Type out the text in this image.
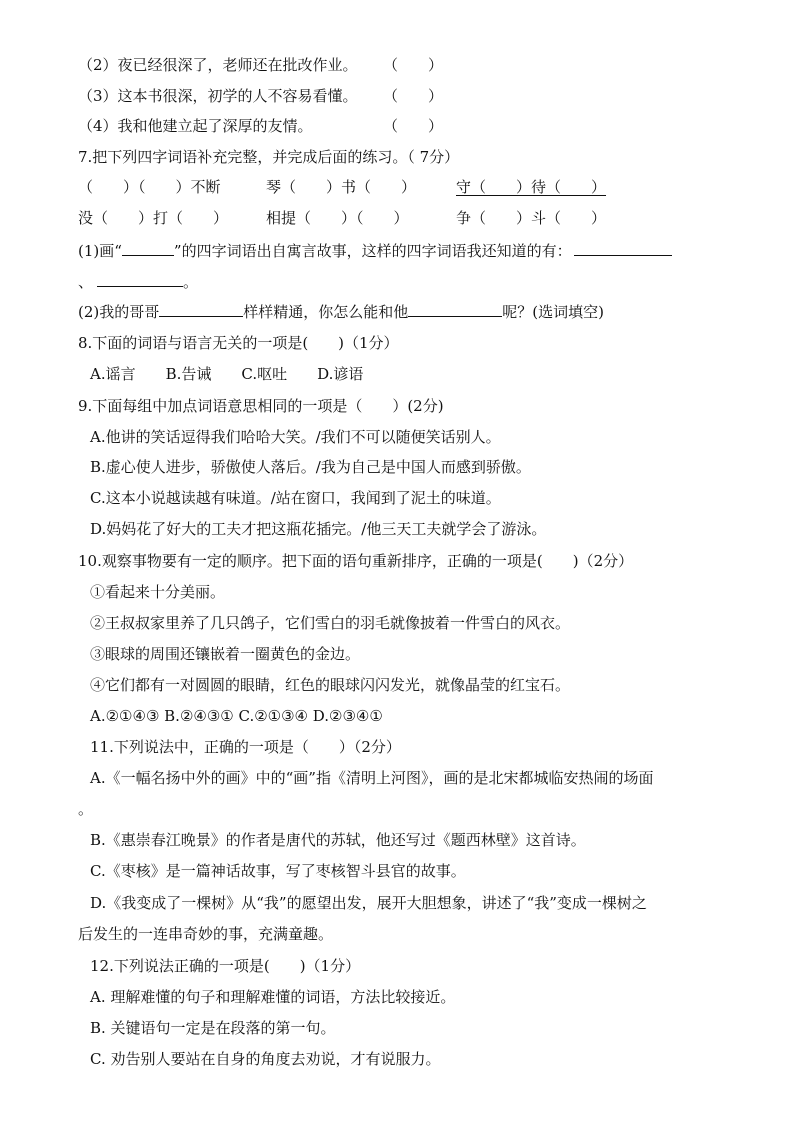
（2）夜已经很深了，老师还在批改作业。 （　　）
（3）这本书很深，初学的人不容易看懂。 （　　）
（4）我和他建立起了深厚的友情。	（　　）
7.把下列四字词语补充完整，并完成后面的练习。（ 7分）
（　　）（　　）不断	琴（　　）书（　　）	守（　　）待（　　）
没（　　）打（　　）	相提（　　）（　　）	争（　　）斗（　　）
(1)画“	”的四字词语出自寓言故事，这样的四字词语我还知道的有：
、	。
(2)我的哥哥	样样精通，你怎么能和他	呢？(选词填空)
8.下面的词语与语言无关的一项是(　　)（1分）
A.谣言　　B.告诫　　C.呕吐　　D.谚语
9.下面每组中加点词语意思相同的一项是（　　）(2分)
A.他讲的笑话逗得我们哈哈大笑。/我们不可以随便笑话别人。
B.虚心使人进步，骄傲使人落后。/我为自己是中国人而感到骄傲。
C.这本小说越读越有味道。/站在窗口，我闻到了泥土的味道。
D.妈妈花了好大的工夫才把这瓶花插完。/他三天工夫就学会了游泳。
10.观察事物要有一定的顺序。把下面的语句重新排序，正确的一项是(　　)（2分）
①看起来十分美丽。
②王叔叔家里养了几只鸽子，它们雪白的羽毛就像披着一件雪白的风衣。
③眼球的周围还镶嵌着一圈黄色的金边。
④它们都有一对圆圆的眼睛，红色的眼球闪闪发光，就像晶莹的红宝石。
A.②①④③ B.②④③① C.②①③④ D.②③④①
11.下列说法中，正确的一项是（　　）（2分）
A.《一幅名扬中外的画》中的“画”指《清明上河图》，画的是北宋都城临安热闹的场面
。
B.《惠崇春江晚景》的作者是唐代的苏轼，他还写过《题西林壁》这首诗。
C.《枣核》是一篇神话故事，写了枣核智斗县官的故事。
D.《我变成了一棵树》从“我”的愿望出发，展开大胆想象，讲述了“我”变成一棵树之
后发生的一连串奇妙的事，充满童趣。
12.下列说法正确的一项是(　　)（1分）
A. 理解难懂的句子和理解难懂的词语，方法比较接近。
B. 关键语句一定是在段落的第一句。
C. 劝告别人要站在自身的角度去劝说，才有说服力。
